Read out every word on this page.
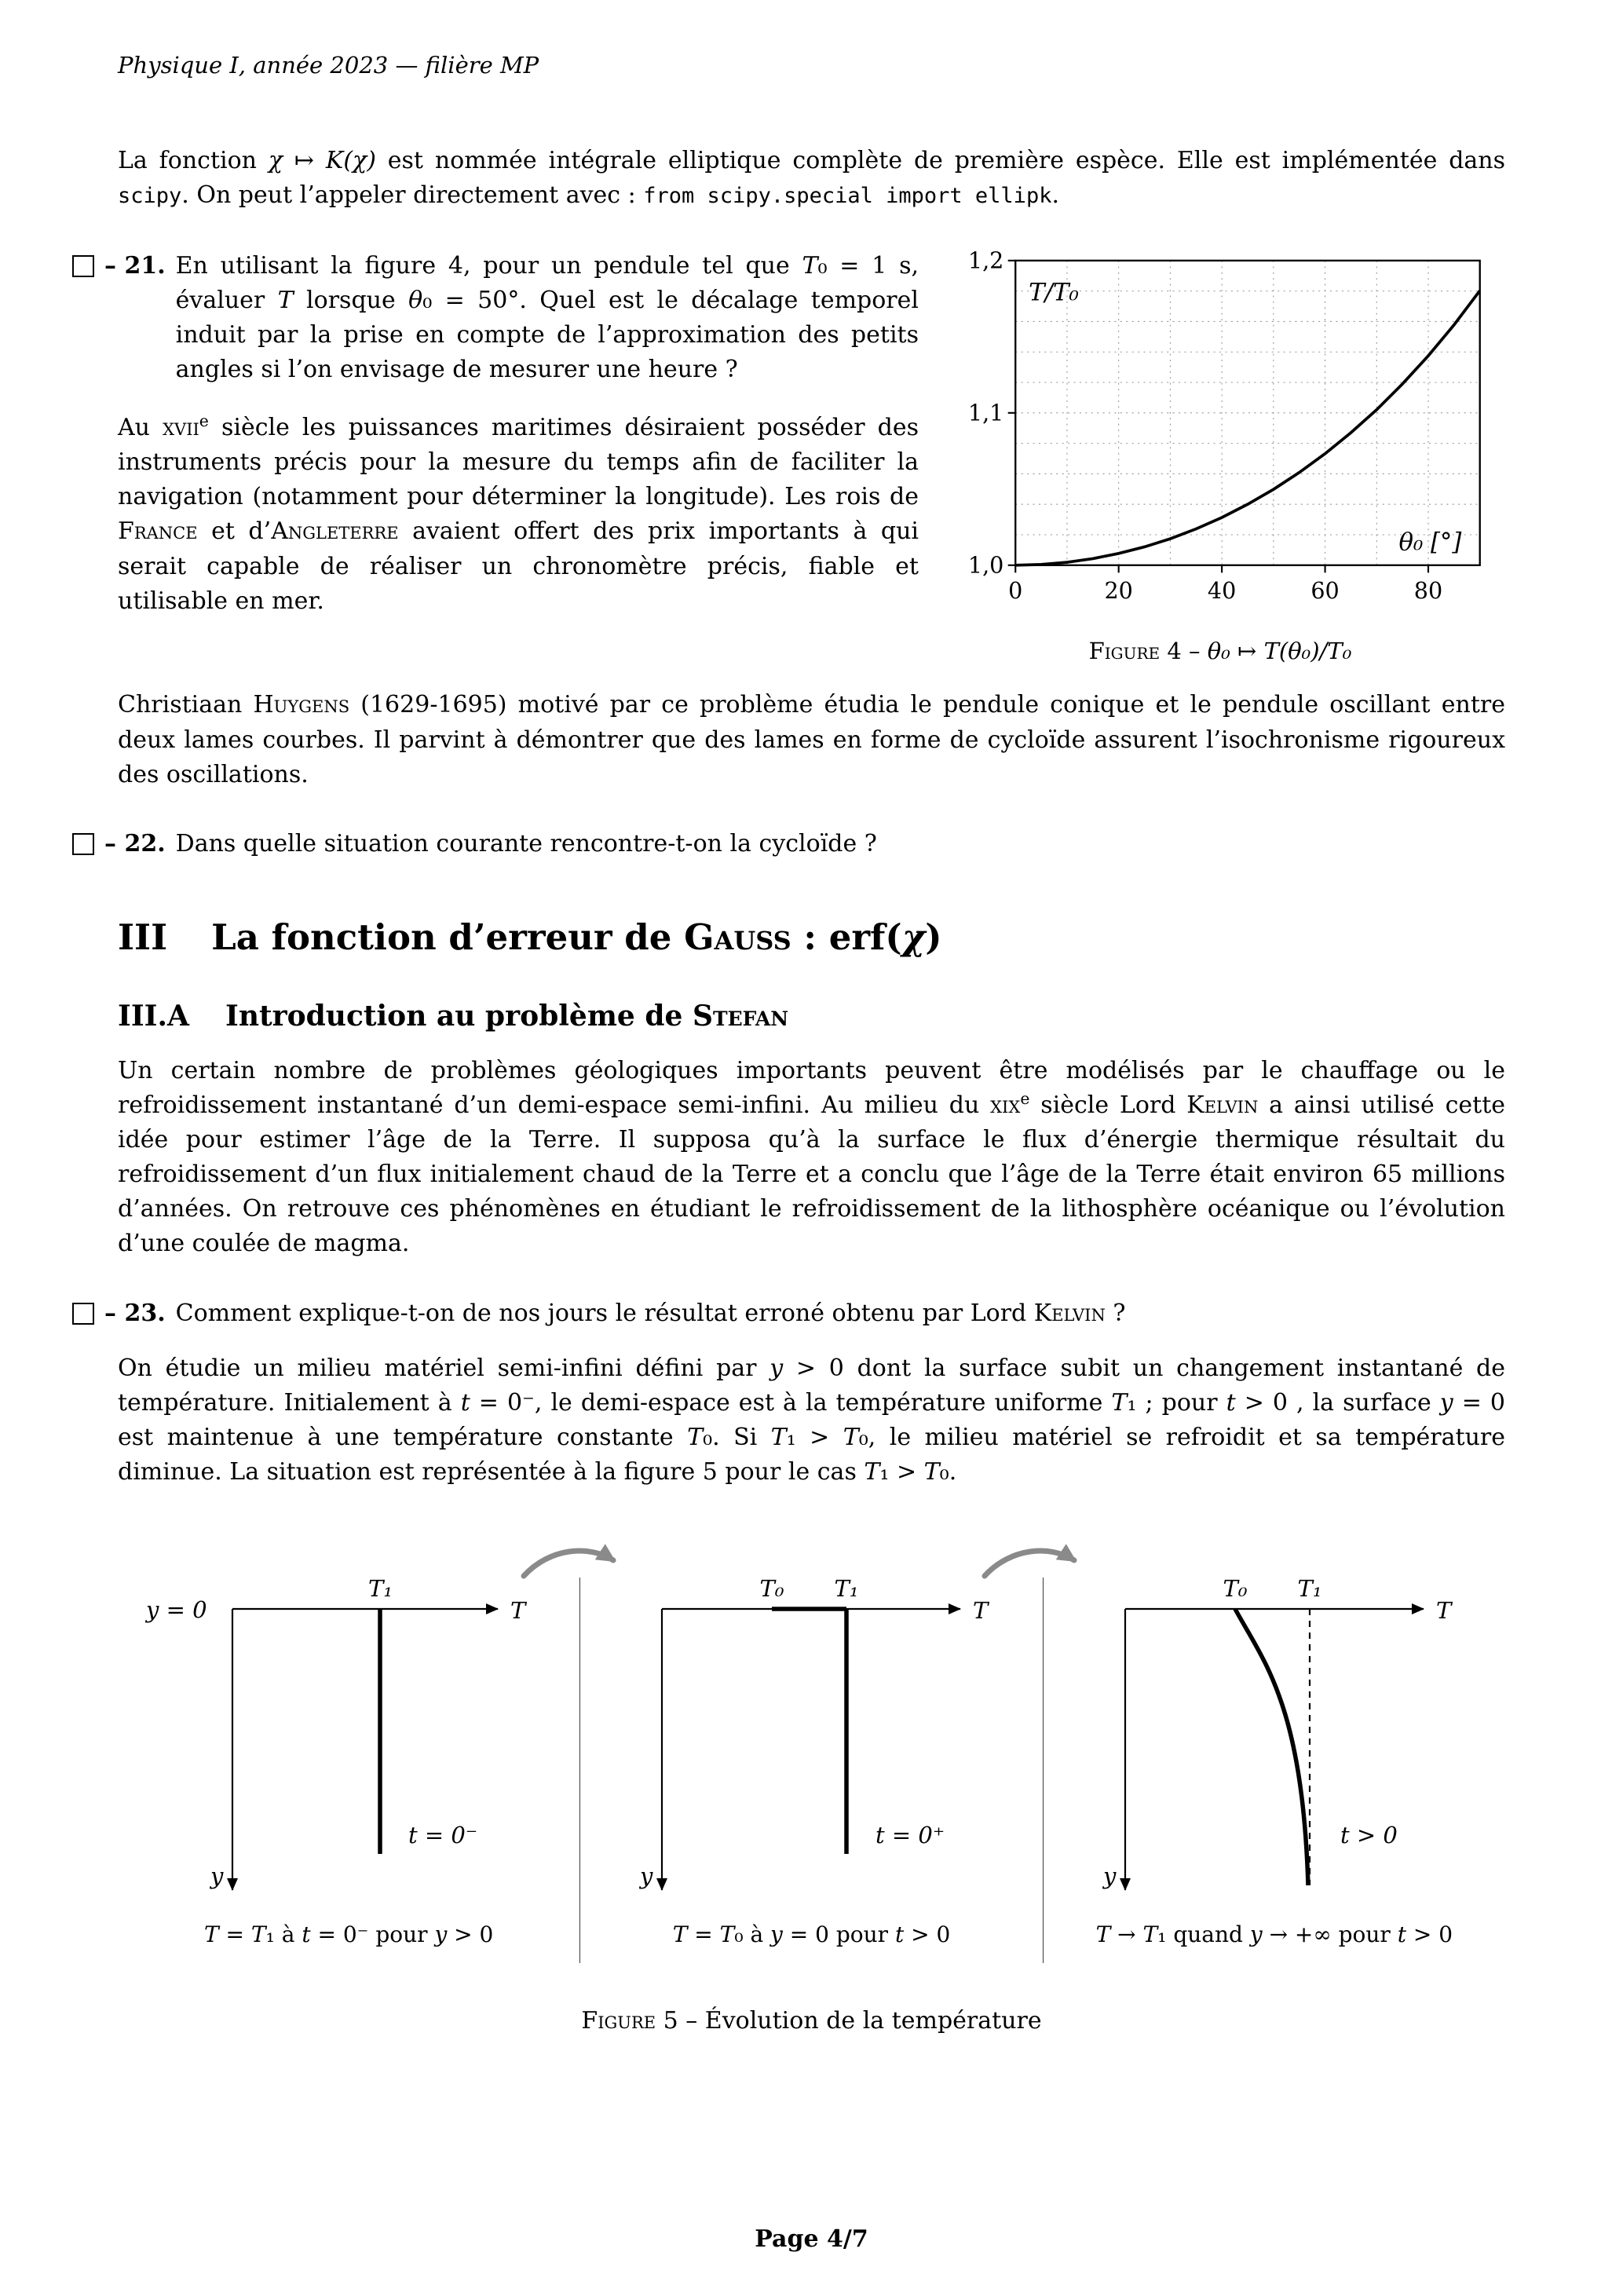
Physique I, année 2023 — filière MP

La fonction χ ↦ K(χ) est nommée intégrale elliptique complète de première espèce. Elle est implémentée dans scipy. On peut l’appeler directement avec : from scipy.special import ellipk.

– 21. En utilisant la figure 4, pour un pendule tel que T₀ = 1 s, évaluer T lorsque θ₀ = 50°. Quel est le décalage temporel induit par la prise en compte de l’approximation des petits angles si l’on envisage de mesurer une heure ?

Au xvii$^e$ siècle les puissances maritimes désiraient posséder des instruments précis pour la mesure du temps afin de faciliter la navigation (notamment pour déterminer la longitude). Les rois de France et d’Angleterre avaient offert des prix importants à qui serait capable de réaliser un chronomètre précis, fiable et utilisable en mer.	0	20	40	60	80
1,0
1,1
1,2
T/T₀
θ₀ [°]
Figure 4 – θ₀ ↦ T(θ₀)/T₀

Christiaan Huygens (1629-1695) motivé par ce problème étudia le pendule conique et le pendule oscillant entre deux lames courbes. Il parvint à démontrer que des lames en forme de cycloïde assurent l’isochronisme rigoureux des oscillations.

– 22. Dans quelle situation courante rencontre-t-on la cycloïde ?
III La fonction d’erreur de Gauss : erf(χ)
III.A Introduction au problème de Stefan

Un certain nombre de problèmes géologiques importants peuvent être modélisés par le chauffage ou le refroidissement instantané d’un demi-espace semi-infini. Au milieu du xix$^e$ siècle Lord Kelvin a ainsi utilisé cette idée pour estimer l’âge de la Terre. Il supposa qu’à la surface le flux d’énergie thermique résultait du refroidissement d’un flux initialement chaud de la Terre et a conclu que l’âge de la Terre était environ 65 millions d’années. On retrouve ces phénomènes en étudiant le refroidissement de la lithosphère océanique ou l’évolution d’une coulée de magma.

– 23. Comment explique-t-on de nos jours le résultat erroné obtenu par Lord Kelvin ?

On étudie un milieu matériel semi-infini défini par y > 0 dont la surface subit un changement instantané de température. Initialement à t = 0⁻, le demi-espace est à la température uniforme T₁ ; pour t > 0 , la surface y = 0 est maintenue à une température constante T₀. Si T₁ > T₀, le milieu matériel se refroidit et sa température diminue. La situation est représentée à la figure 5 pour le cas T₁ > T₀.

y = 0	T
y
T₁
t = 0⁻
T = T₁ à t = 0⁻ pour y > 0
T
y
T₀ T₁
t = 0⁺
T = T₀ à y = 0 pour t > 0
T
y
T₀ T₁
t > 0
T → T₁ quand y → +∞ pour t > 0
Figure 5 – Évolution de la température
Page 4/7
